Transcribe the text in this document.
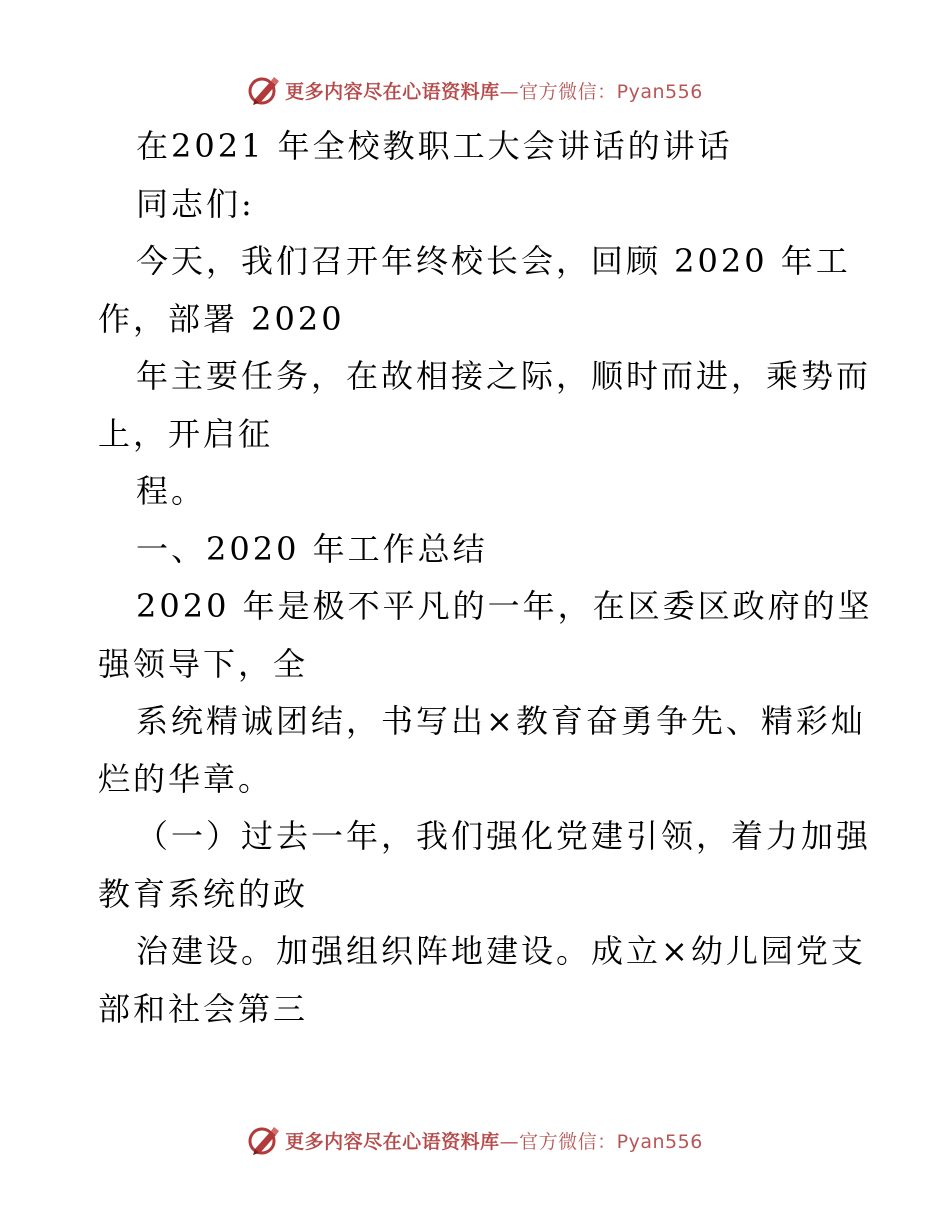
更多内容尽在心语资料库—官方微信：Pyan556

在2021 年全校教职工大会讲话的讲话

同志们:

今天，我们召开年终校长会，回顾 2020 年工

作，部署 2020

年主要任务，在故相接之际，顺时而进，乘势而

上，开启征

程。

一、2020 年工作总结

2020 年是极不平凡的一年，在区委区政府的坚

强领导下，全

系统精诚团结，书写出×教育奋勇争先、精彩灿

烂的华章。

（一）过去一年，我们强化党建引领，着力加强

教育系统的政

治建设。加强组织阵地建设。成立×幼儿园党支

部和社会第三

更多内容尽在心语资料库—官方微信：Pyan556
